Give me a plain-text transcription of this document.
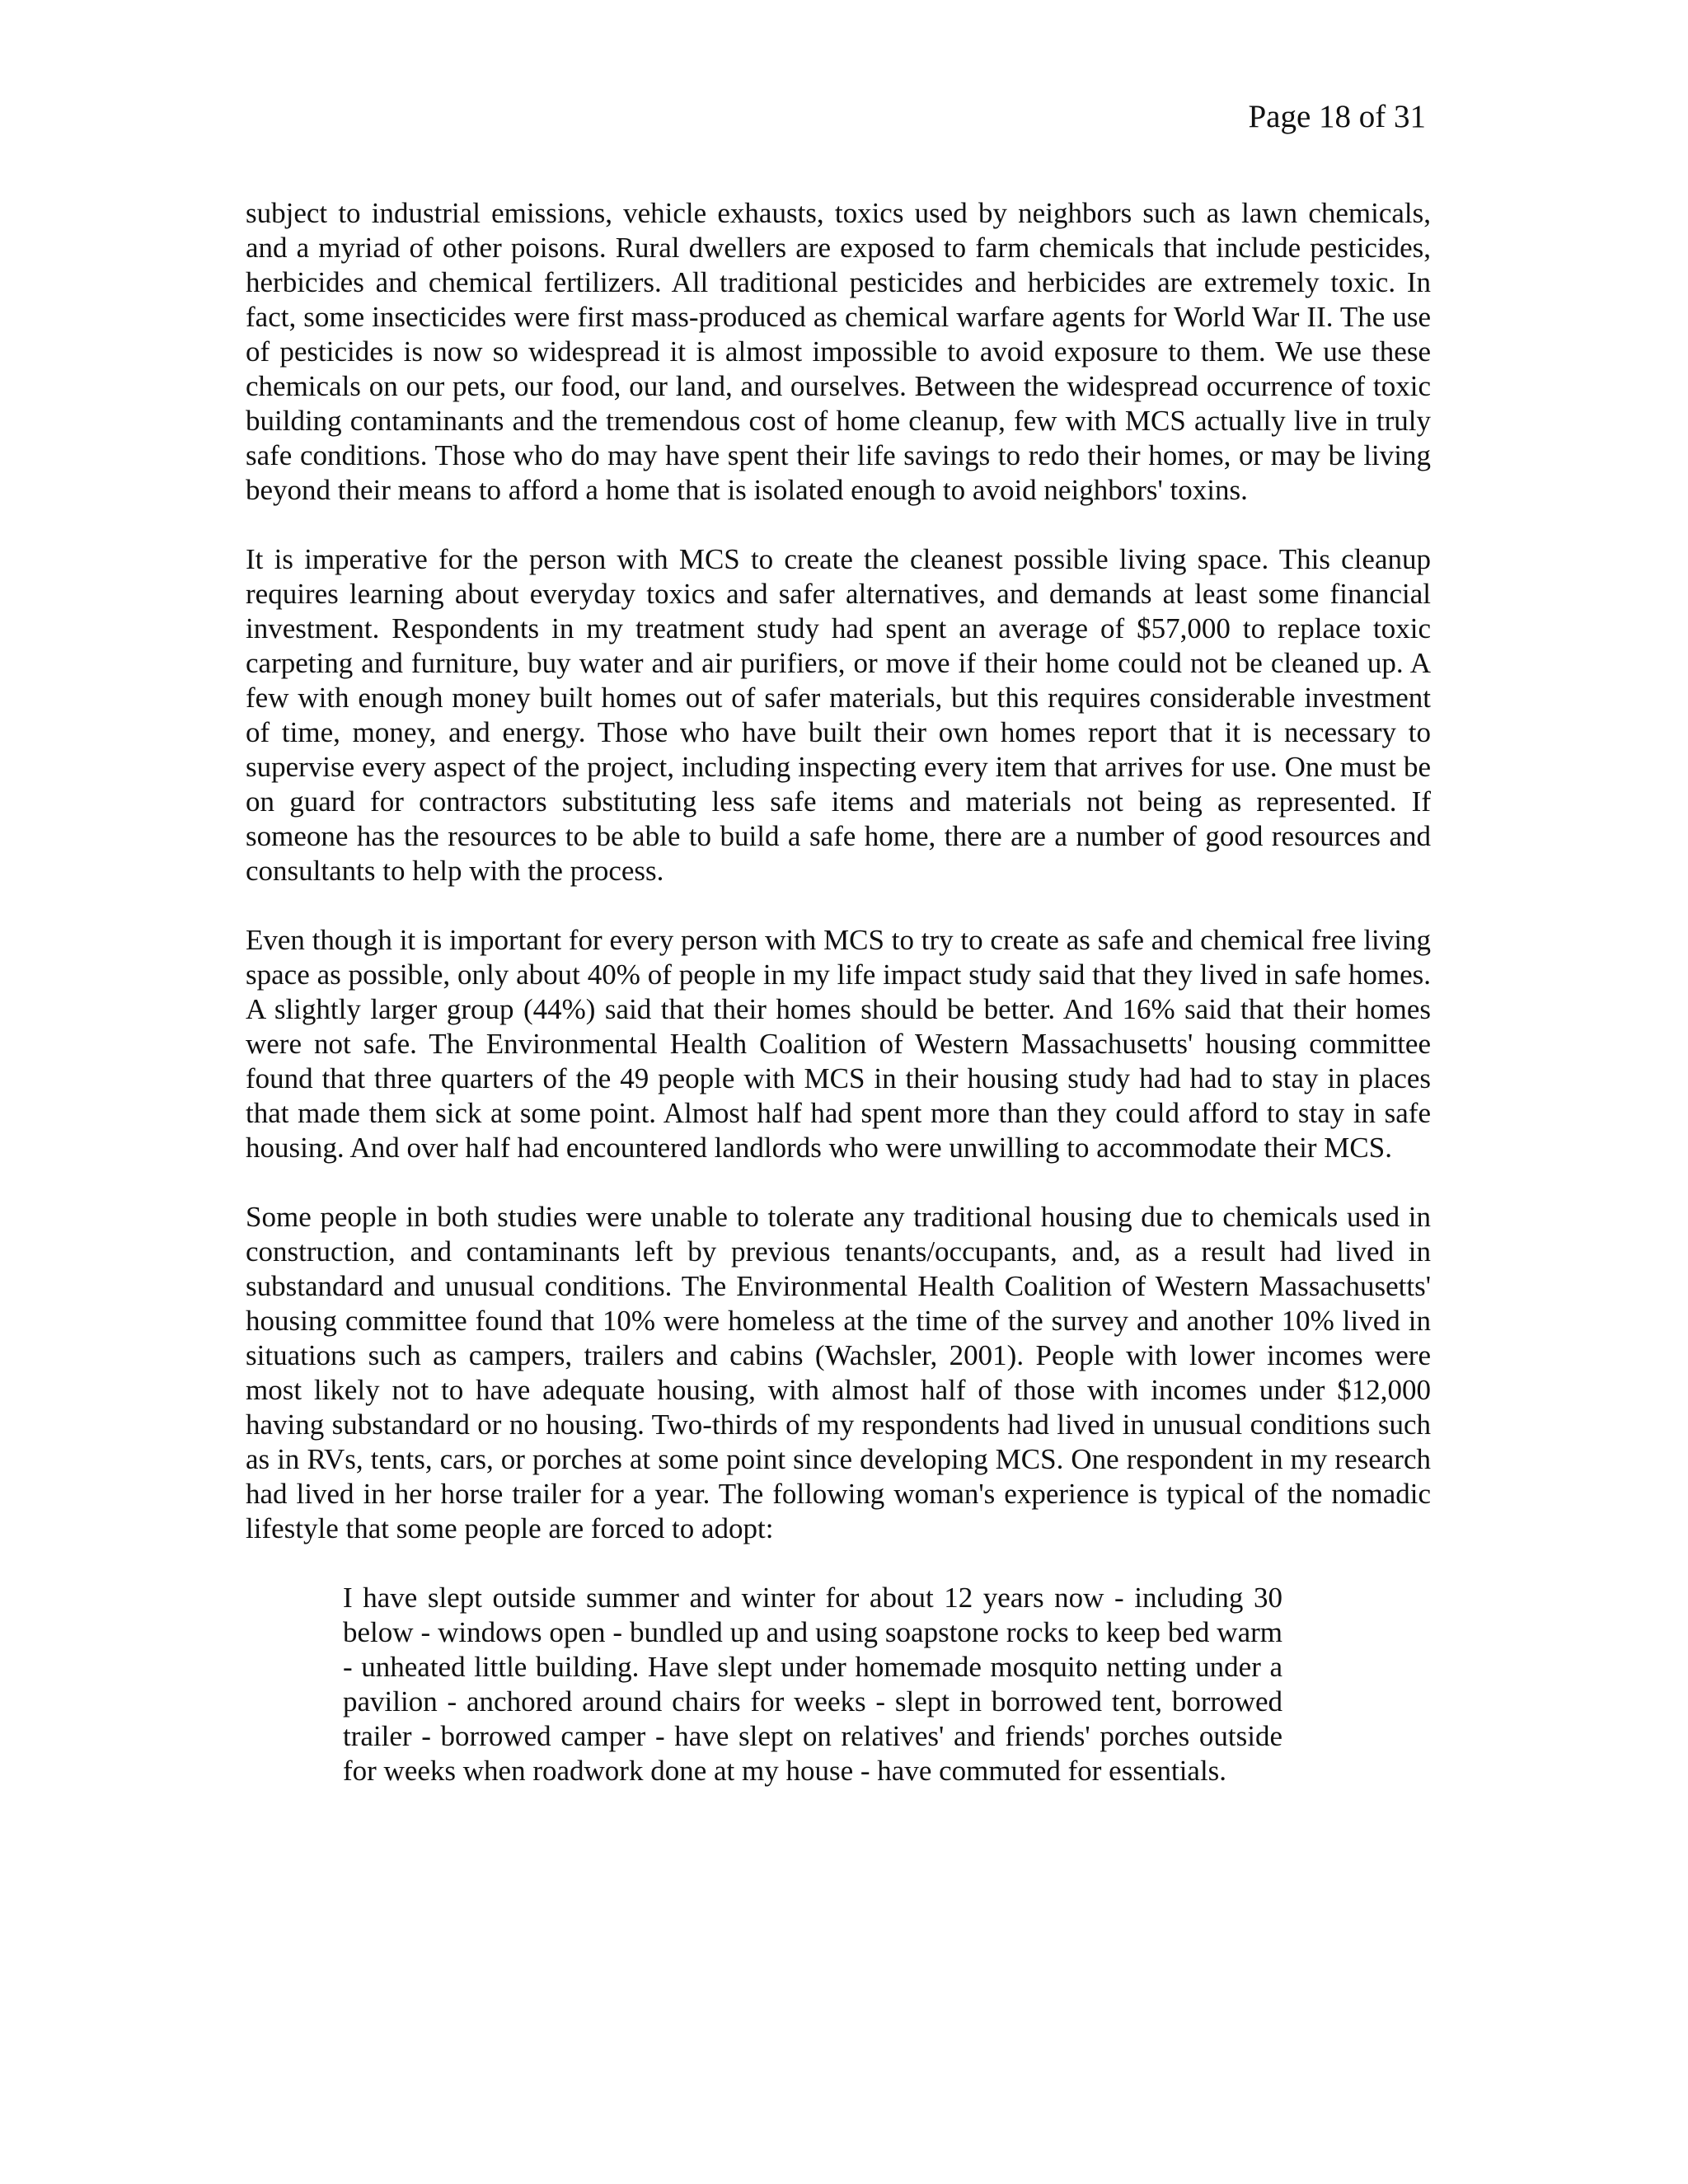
Page 18 of 31

subject to industrial emissions, vehicle exhausts, toxics used by neighbors such as lawn chemicals, and a myriad of other poisons. Rural dwellers are exposed to farm chemicals that include pesticides, herbicides and chemical fertilizers. All traditional pesticides and herbicides are extremely toxic. In fact, some insecticides were first mass-produced as chemical warfare agents for World War II. The use of pesticides is now so widespread it is almost impossible to avoid exposure to them. We use these chemicals on our pets, our food, our land, and ourselves. Between the widespread occurrence of toxic building contaminants and the tremendous cost of home cleanup, few with MCS actually live in truly safe conditions. Those who do may have spent their life savings to redo their homes, or may be living beyond their means to afford a home that is isolated enough to avoid neighbors' toxins.

It is imperative for the person with MCS to create the cleanest possible living space. This cleanup requires learning about everyday toxics and safer alternatives, and demands at least some financial investment. Respondents in my treatment study had spent an average of $57,000 to replace toxic carpeting and furniture, buy water and air purifiers, or move if their home could not be cleaned up. A few with enough money built homes out of safer materials, but this requires considerable investment of time, money, and energy. Those who have built their own homes report that it is necessary to supervise every aspect of the project, including inspecting every item that arrives for use. One must be on guard for contractors substituting less safe items and materials not being as represented. If someone has the resources to be able to build a safe home, there are a number of good resources and consultants to help with the process.

Even though it is important for every person with MCS to try to create as safe and chemical free living space as possible, only about 40% of people in my life impact study said that they lived in safe homes. A slightly larger group (44%) said that their homes should be better. And 16% said that their homes were not safe. The Environmental Health Coalition of Western Massachusetts' housing committee found that three quarters of the 49 people with MCS in their housing study had had to stay in places that made them sick at some point. Almost half had spent more than they could afford to stay in safe housing. And over half had encountered landlords who were unwilling to accommodate their MCS.

Some people in both studies were unable to tolerate any traditional housing due to chemicals used in construction, and contaminants left by previous tenants/occupants, and, as a result had lived in substandard and unusual conditions. The Environmental Health Coalition of Western Massachusetts' housing committee found that 10% were homeless at the time of the survey and another 10% lived in situations such as campers, trailers and cabins (Wachsler, 2001). People with lower incomes were most likely not to have adequate housing, with almost half of those with incomes under $12,000 having substandard or no housing. Two-thirds of my respondents had lived in unusual conditions such as in RVs, tents, cars, or porches at some point since developing MCS. One respondent in my research had lived in her horse trailer for a year. The following woman's experience is typical of the nomadic lifestyle that some people are forced to adopt:

I have slept outside summer and winter for about 12 years now - including 30 below - windows open - bundled up and using soapstone rocks to keep bed warm - unheated little building. Have slept under homemade mosquito netting under a pavilion - anchored around chairs for weeks - slept in borrowed tent, borrowed trailer - borrowed camper - have slept on relatives' and friends' porches outside for weeks when roadwork done at my house - have commuted for essentials.
